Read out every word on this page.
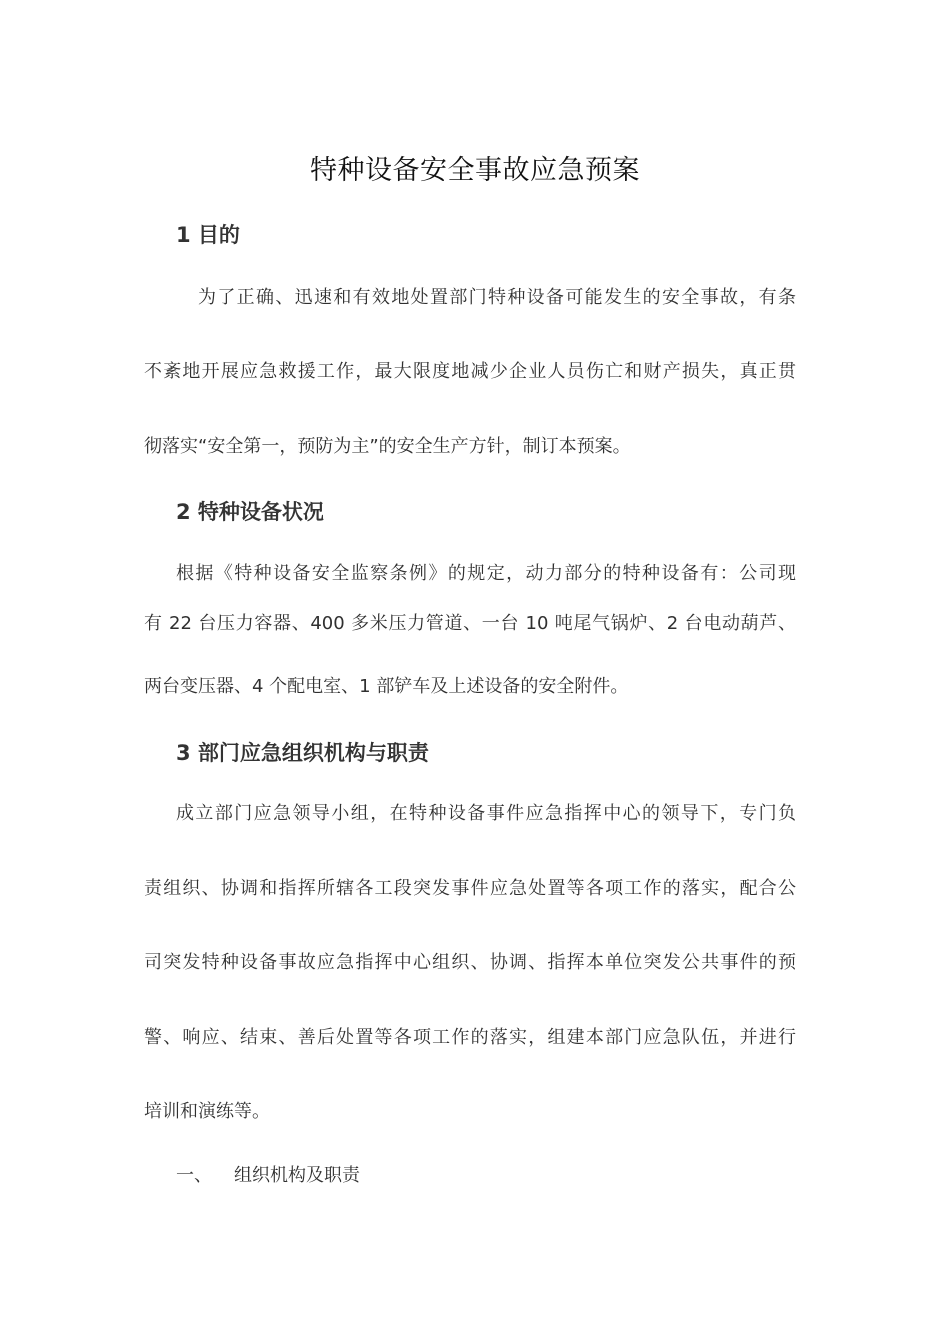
特种设备安全事故应急预案
1 目的

为了正确、迅速和有效地处置部门特种设备可能发生的安全事故，有条

不紊地开展应急救援工作，最大限度地减少企业人员伤亡和财产损失，真正贯

彻落实“安全第一，预防为主”的安全生产方针，制订本预案。

2 特种设备状况

根据《特种设备安全监察条例》的规定，动力部分的特种设备有：公司现

有 22 台压力容器、400 多米压力管道、一台 10 吨尾气锅炉、2 台电动葫芦、

两台变压器、4 个配电室、1 部铲车及上述设备的安全附件。

3 部门应急组织机构与职责

成立部门应急领导小组，在特种设备事件应急指挥中心的领导下，专门负

责组织、协调和指挥所辖各工段突发事件应急处置等各项工作的落实，配合公

司突发特种设备事故应急指挥中心组织、协调、指挥本单位突发公共事件的预

警、响应、结束、善后处置等各项工作的落实，组建本部门应急队伍，并进行

培训和演练等。

一、 组织机构及职责
